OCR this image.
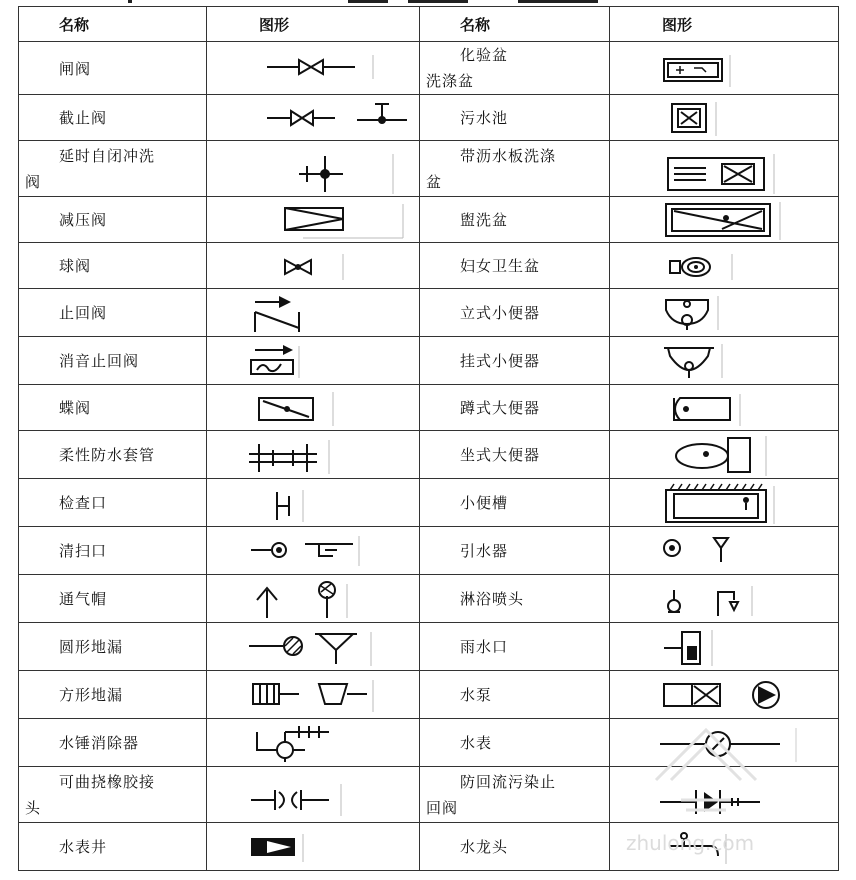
名称	图形	名称	图形
闸阀		化验盆
洗涤盆

截止阀		污水池	

延时自闭冲洗
阀		带沥水板洗涤
盆

减压阀		盥洗盆	

球阀		妇女卫生盆	

止回阀		立式小便器	

消音止回阀		挂式小便器	

蝶阀		蹲式大便器	

柔性防水套管		坐式大便器	

检查口		小便槽	

清扫口		引水器	

通气帽		淋浴喷头	

圆形地漏		雨水口	

方形地漏		水泵	

水锤消除器		水表	

可曲挠橡胶接
头		防回流污染止
回阀

水表井		水龙头		zhulong.com
